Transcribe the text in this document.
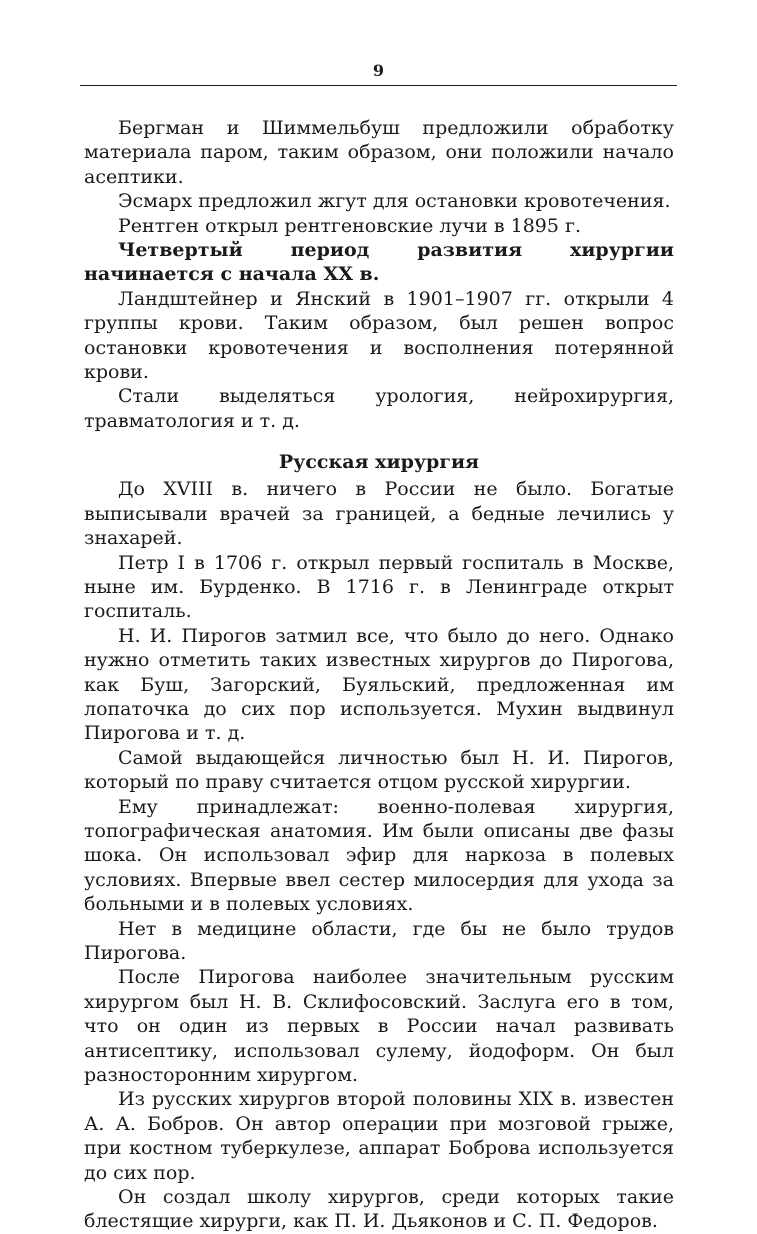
9

Бергман и Шиммельбуш предложили обработку материала паром, таким образом, они положили начало асептики.

Эсмарх предложил жгут для остановки кровотечения.

Рентген открыл рентгеновские лучи в 1895 г.

Четвертый период развития хирургии начинается с начала XX в.

Ландштейнер и Янский в 1901–1907 гг. открыли 4 группы крови. Таким образом, был решен вопрос остановки кровотечения и восполнения потерянной крови.

Стали выделяться урология, нейрохирургия, травматология и т. д.

Русская хирургия

До XVIII в. ничего в России не было. Богатые выписывали врачей за границей, а бедные лечились у знахарей.

Петр I в 1706 г. открыл первый госпиталь в Москве, ныне им. Бурденко. В 1716 г. в Ленинграде открыт госпиталь.

Н. И. Пирогов затмил все, что было до него. Однако нужно отметить таких известных хирургов до Пирогова, как Буш, Загорский, Буяльский, предложенная им лопаточка до сих пор используется. Мухин выдвинул Пирогова и т. д.

Самой выдающейся личностью был Н. И. Пирогов, который по праву считается отцом русской хирургии.

Ему принадлежат: военно-полевая хирургия, топографическая анатомия. Им были описаны две фазы шока. Он использовал эфир для наркоза в полевых условиях. Впервые ввел сестер милосердия для ухода за больными и в полевых условиях.

Нет в медицине области, где бы не было трудов Пирогова.

После Пирогова наиболее значительным русским хирургом был Н. В. Склифосовский. Заслуга его в том, что он один из первых в России начал развивать антисептику, использовал сулему, йодоформ. Он был разносторонним хирургом.

Из русских хирургов второй половины XIX в. известен А. А. Бобров. Он автор операции при мозговой грыже, при костном туберкулезе, аппарат Боброва используется до сих пор.

Он создал школу хирургов, среди которых такие блестящие хирурги, как П. И. Дьяконов и С. П. Федоров.
